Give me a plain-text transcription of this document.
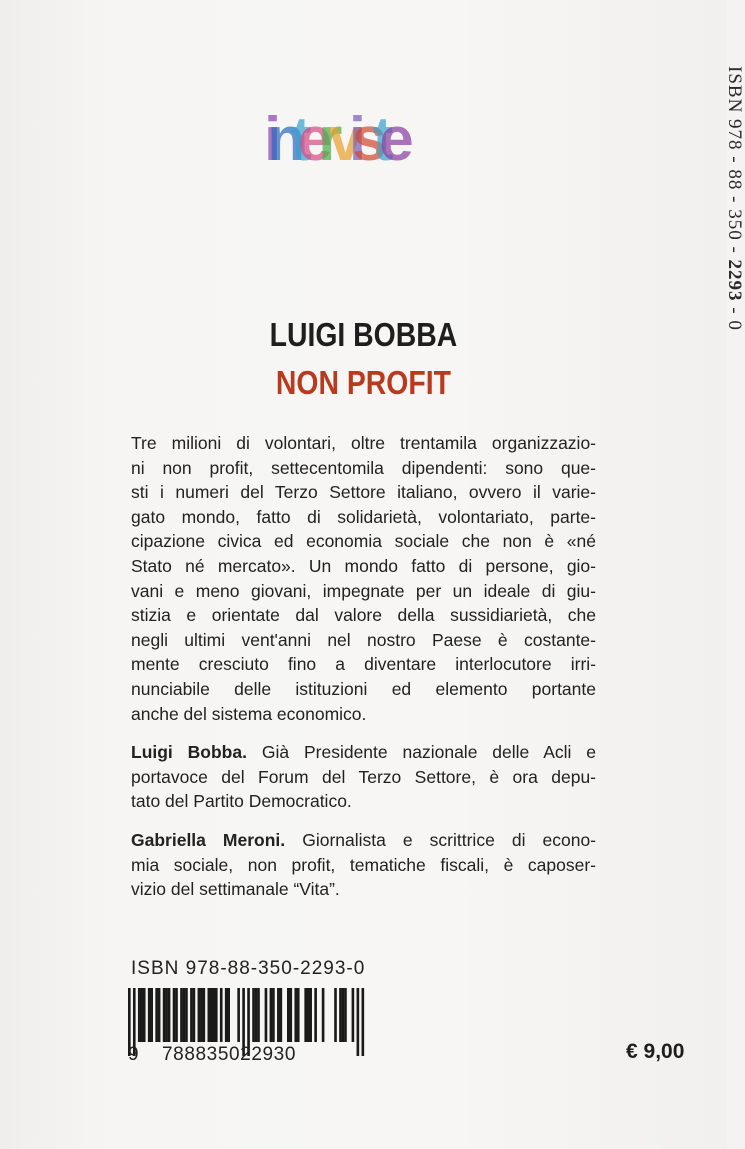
interviste	ISBN 978 - 88 - 350 - 2293 - 0
LUIGI BOBBA
NON PROFIT

Tre milioni di volontari, oltre trentamila organizzazio-
ni non profit, settecentomila dipendenti: sono que-
sti i numeri del Terzo Settore italiano, ovvero il varie-
gato mondo, fatto di solidarietà, volontariato, parte-
cipazione civica ed economia sociale che non è «né
Stato né mercato». Un mondo fatto di persone, gio-
vani e meno giovani, impegnate per un ideale di giu-
stizia e orientate dal valore della sussidiarietà, che
negli ultimi vent'anni nel nostro Paese è costante-
mente cresciuto fino a diventare interlocutore irri-
nunciabile delle istituzioni ed elemento portante
anche del sistema economico.

Luigi Bobba. Già Presidente nazionale delle Acli e
portavoce del Forum del Terzo Settore, è ora depu-
tato del Partito Democratico.

Gabriella Meroni. Giornalista e scrittrice di econo-
mia sociale, non profit, tematiche fiscali, è caposer-
vizio del settimanale “Vita”.

ISBN 978-88-350-2293-0
9 788835022930	€ 9,00
